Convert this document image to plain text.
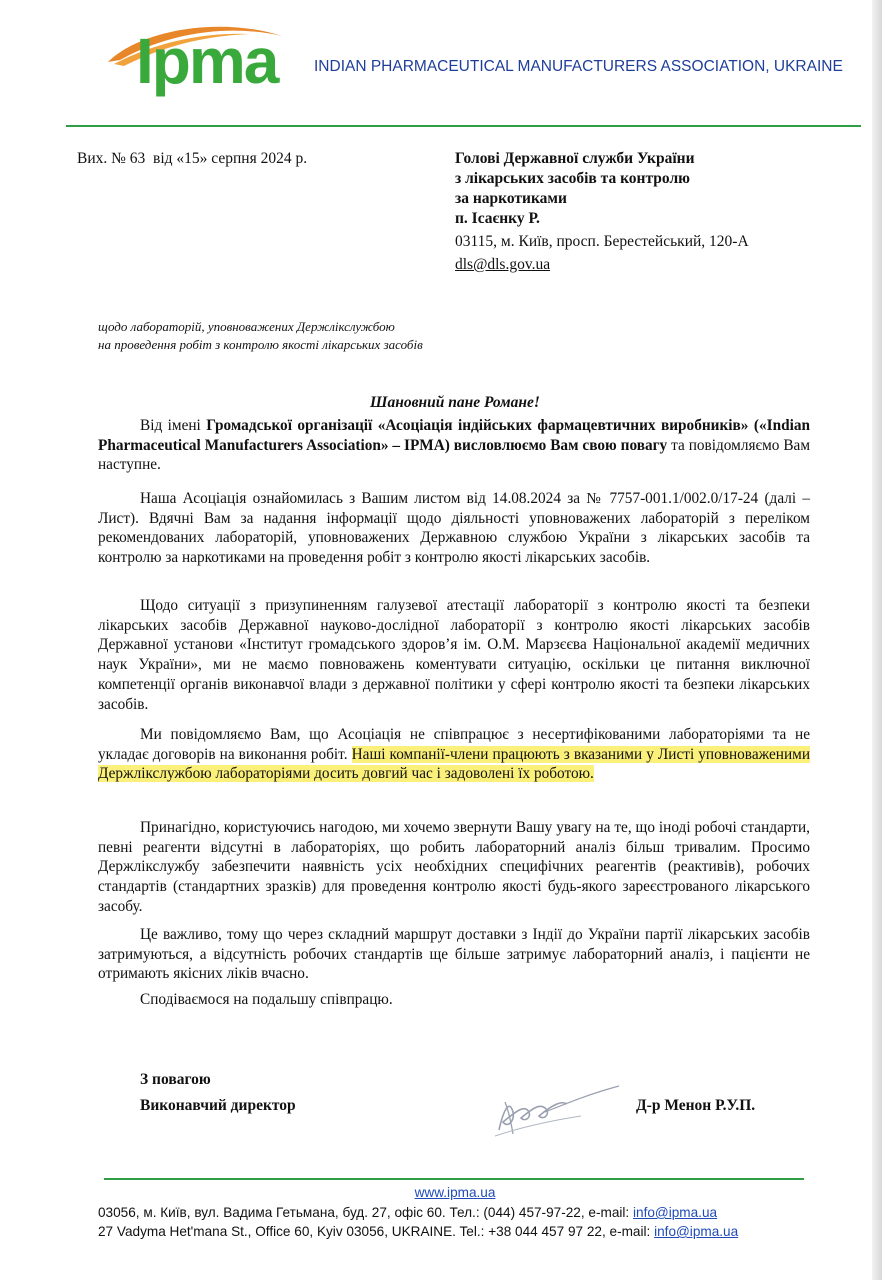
Ipma INDIAN PHARMACEUTICAL MANUFACTURERS ASSOCIATION, UKRAINE
Вих. № 63  від «15» серпня 2024 р.	Голові Державної служби України
з лікарських засобів та контролю
за наркотиками
п. Ісаєнку Р.
03115, м. Київ, просп. Берестейський, 120-А
dls@dls.gov.ua
щодо лабораторій, уповноважених Держлікслужбою
на проведення робіт з контролю якості лікарських засобів
Шановний пане Романе!
Від імені Громадської організації «Асоціація індійських фармацевтичних виробників» («Indian Pharmaceutical Manufacturers Association» – IPMA) висловлюємо Вам свою повагу та повідомляємо Вам наступне.
Наша Асоціація ознайомилась з Вашим листом від 14.08.2024 за № 7757-001.1/002.0/17-24 (далі – Лист). Вдячні Вам за надання інформації щодо діяльності уповноважених лабораторій з переліком рекомендованих лабораторій, уповноважених Державною службою України з лікарських засобів та контролю за наркотиками на проведення робіт з контролю якості лікарських засобів.
Щодо ситуації з призупиненням галузевої атестації лабораторії з контролю якості та безпеки лікарських засобів Державної науково-дослідної лабораторії з контролю якості лікарських засобів Державної установи «Інститут громадського здоров’я ім. О.М. Марзєєва Національної академії медичних наук України», ми не маємо повноважень коментувати ситуацію, оскільки це питання виключної компетенції органів виконавчої влади з державної політики у сфері контролю якості та безпеки лікарських засобів.
Ми повідомляємо Вам, що Асоціація не співпрацює з несертифікованими лабораторіями та не укладає договорів на виконання робіт. Наші компанії-члени працюють з вказаними у Листі уповноваженими Держлікслужбою лабораторіями досить довгий час і задоволені їх роботою.
Принагідно, користуючись нагодою, ми хочемо звернути Вашу увагу на те, що іноді робочі стандарти, певні реагенти відсутні в лабораторіях, що робить лабораторний аналіз більш тривалим. Просимо Держлікслужбу забезпечити наявність усіх необхідних специфічних реагентів (реактивів), робочих стандартів (стандартних зразків) для проведення контролю якості будь-якого зареєстрованого лікарського засобу.
Це важливо, тому що через складний маршрут доставки з Індії до України партії лікарських засобів затримуються, а відсутність робочих стандартів ще більше затримує лабораторний аналіз, і пацієнти не отримають якісних ліків вчасно.
Сподіваємося на подальшу співпрацю.
З повагою
Виконавчий директор	Д-р Менон Р.У.П.
www.ipma.ua
03056, м. Київ, вул. Вадима Гетьмана, буд. 27, офіс 60. Тел.: (044) 457-97-22, e-mail: info@ipma.ua
27 Vadyma Het'mana St., Office 60, Kyiv 03056, UKRAINE. Tel.: +38 044 457 97 22, e-mail: info@ipma.ua
